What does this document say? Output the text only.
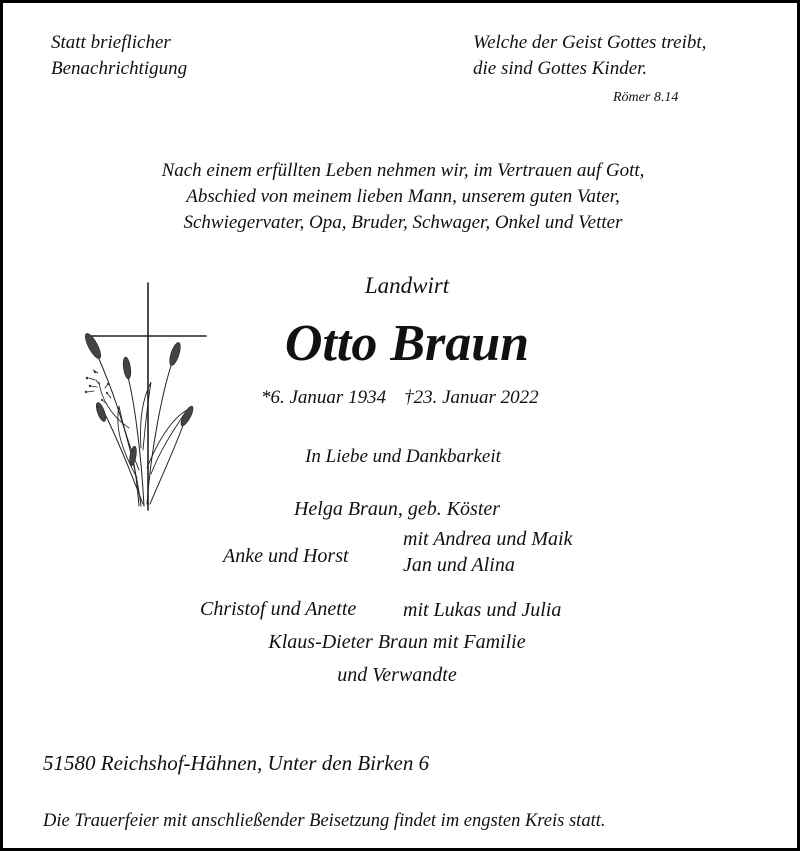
Statt brieflicher
Benachrichtigung
Welche der Geist Gottes treibt,
die sind Gottes Kinder.
Römer 8.14
Nach einem erfüllten Leben nehmen wir, im Vertrauen auf Gott,
Abschied von meinem lieben Mann, unserem guten Vater,
Schwiegervater, Opa, Bruder, Schwager, Onkel und Vetter
Landwirt
Otto Braun
*6. Januar 1934 †23. Januar 2022
In Liebe und Dankbarkeit
Helga Braun, geb. Köster
Anke und Horst
mit Andrea und Maik
Jan und Alina
Christof und Anette mit Lukas und Julia
Klaus-Dieter Braun mit Familie
und Verwandte
51580 Reichshof-Hähnen, Unter den Birken 6
Die Trauerfeier mit anschließender Beisetzung findet im engsten Kreis statt.
